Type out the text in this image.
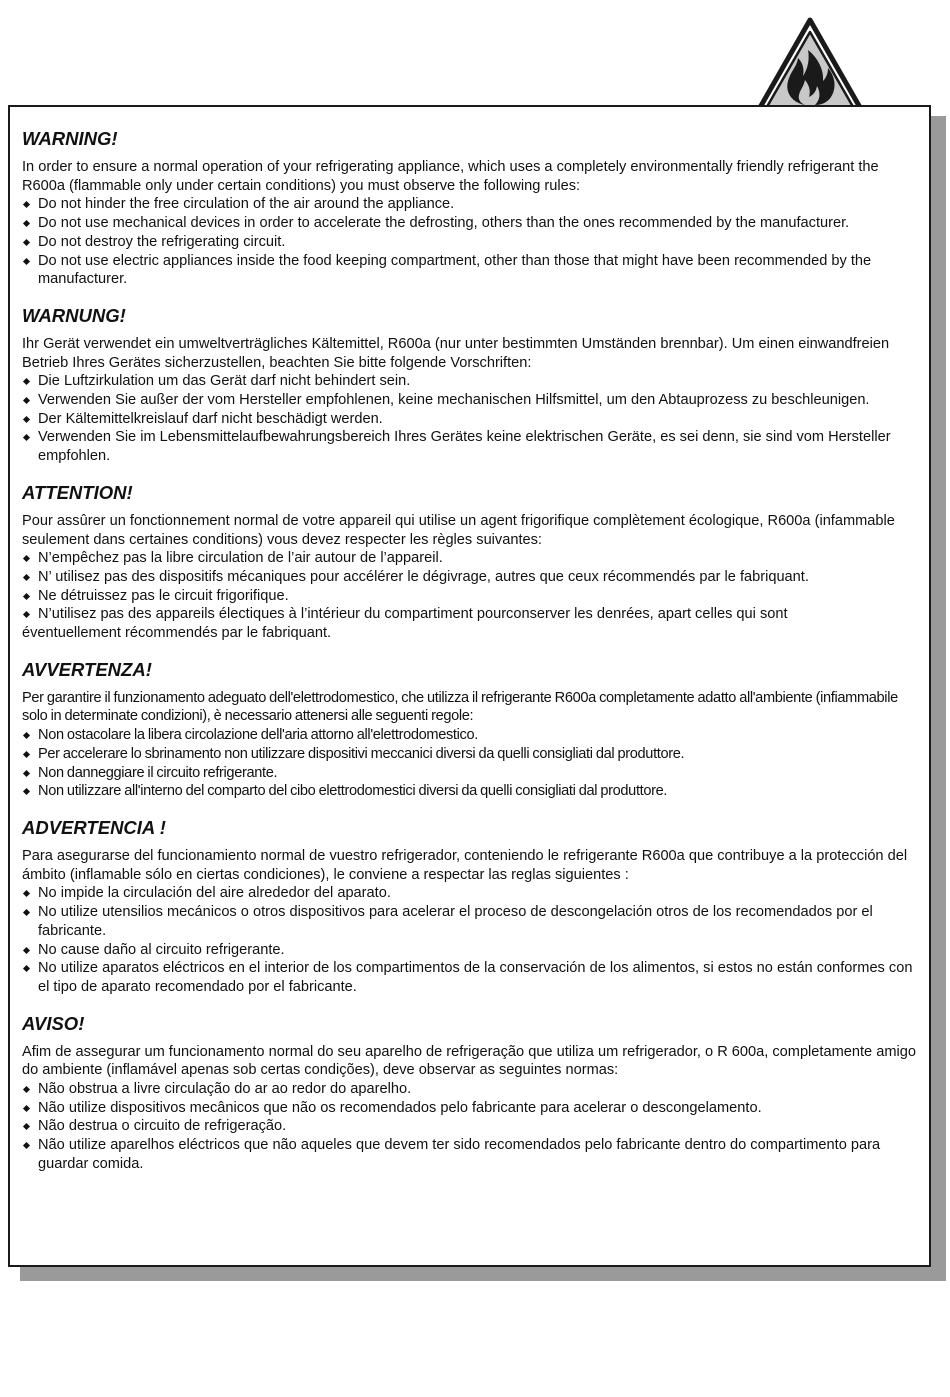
WARNING!

In order to ensure a normal operation of your refrigerating appliance, which uses a completely environmentally friendly refrigerant the R600a (flammable only under certain conditions) you must observe the following rules:

Do not hinder the free circulation of the air around the appliance.
Do not use mechanical devices in order to accelerate the defrosting, others than the ones recommended by the manufacturer.
Do not destroy the refrigerating circuit.
Do not use electric appliances inside the food keeping compartment, other than those that might have been recommended by the manufacturer.
WARNUNG!

Ihr Gerät verwendet ein umweltverträgliches Kältemittel, R600a (nur unter bestimmten Umständen brennbar). Um einen einwandfreien Betrieb Ihres Gerätes sicherzustellen, beachten Sie bitte folgende Vorschriften:

Die Luftzirkulation um das Gerät darf nicht behindert sein.
Verwenden Sie außer der vom Hersteller empfohlenen, keine mechanischen Hilfsmittel, um den Abtauprozess zu beschleunigen.
Der Kältemittelkreislauf darf nicht beschädigt werden.
Verwenden Sie im Lebensmittelaufbewahrungsbereich Ihres Gerätes keine elektrischen Geräte, es sei denn, sie sind vom Hersteller empfohlen.
ATTENTION!

Pour assûrer un fonctionnement normal de votre appareil qui utilise un agent frigorifique complètement écologique, R600a (infammable seulement dans certaines conditions) vous devez respecter les règles suivantes:

N’empêchez pas la libre circulation de l’air autour de l’appareil.
N’ utilisez pas des dispositifs mécaniques pour accélérer le dégivrage, autres que ceux récommendés par le fabriquant.
Ne détruissez pas le circuit frigorifique.
N’utilisez pas des appareils électiques à l’intérieur du compartiment pourconserver les denrées, apart celles qui sont
éventuellement récommendés par le fabriquant.
AVVERTENZA!

Per garantire il funzionamento adeguato dell'elettrodomestico, che utilizza il refrigerante R600a completamente adatto all'ambiente (infiammabile solo in determinate condizioni), è necessario attenersi alle seguenti regole:

Non ostacolare la libera circolazione dell'aria attorno all'elettrodomestico.
Per accelerare lo sbrinamento non utilizzare dispositivi meccanici diversi da quelli consigliati dal produttore.
Non danneggiare il circuito refrigerante.
Non utilizzare all'interno del comparto del cibo elettrodomestici diversi da quelli consigliati dal produttore.
ADVERTENCIA !

Para asegurarse del funcionamiento normal de vuestro refrigerador, conteniendo le refrigerante R600a que contribuye a la protección del ámbito (inflamable sólo en ciertas condiciones), le conviene a respectar las reglas siguientes :

No impide la circulación del aire alrededor del aparato.
No utilize utensilios mecánicos o otros dispositivos para acelerar el proceso de descongelación otros de los recomendados por el fabricante.
No cause daño al circuito refrigerante.
No utilize aparatos eléctricos en el interior de los compartimentos de la conservación de los alimentos, si estos no están conformes con el tipo de aparato recomendado por el fabricante.
AVISO!

Afim de assegurar um funcionamento normal do seu aparelho de refrigeração que utiliza um refrigerador, o R 600a, completamente amigo do ambiente (inflamável apenas sob certas condições), deve observar as seguintes normas:

Não obstrua a livre circulação do ar ao redor do aparelho.
Não utilize dispositivos mecânicos que não os recomendados pelo fabricante para acelerar o descongelamento.
Não destrua o circuito de refrigeração.
Não utilize aparelhos eléctricos que não aqueles que devem ter sido recomendados pelo fabricante dentro do compartimento para guardar comida.
